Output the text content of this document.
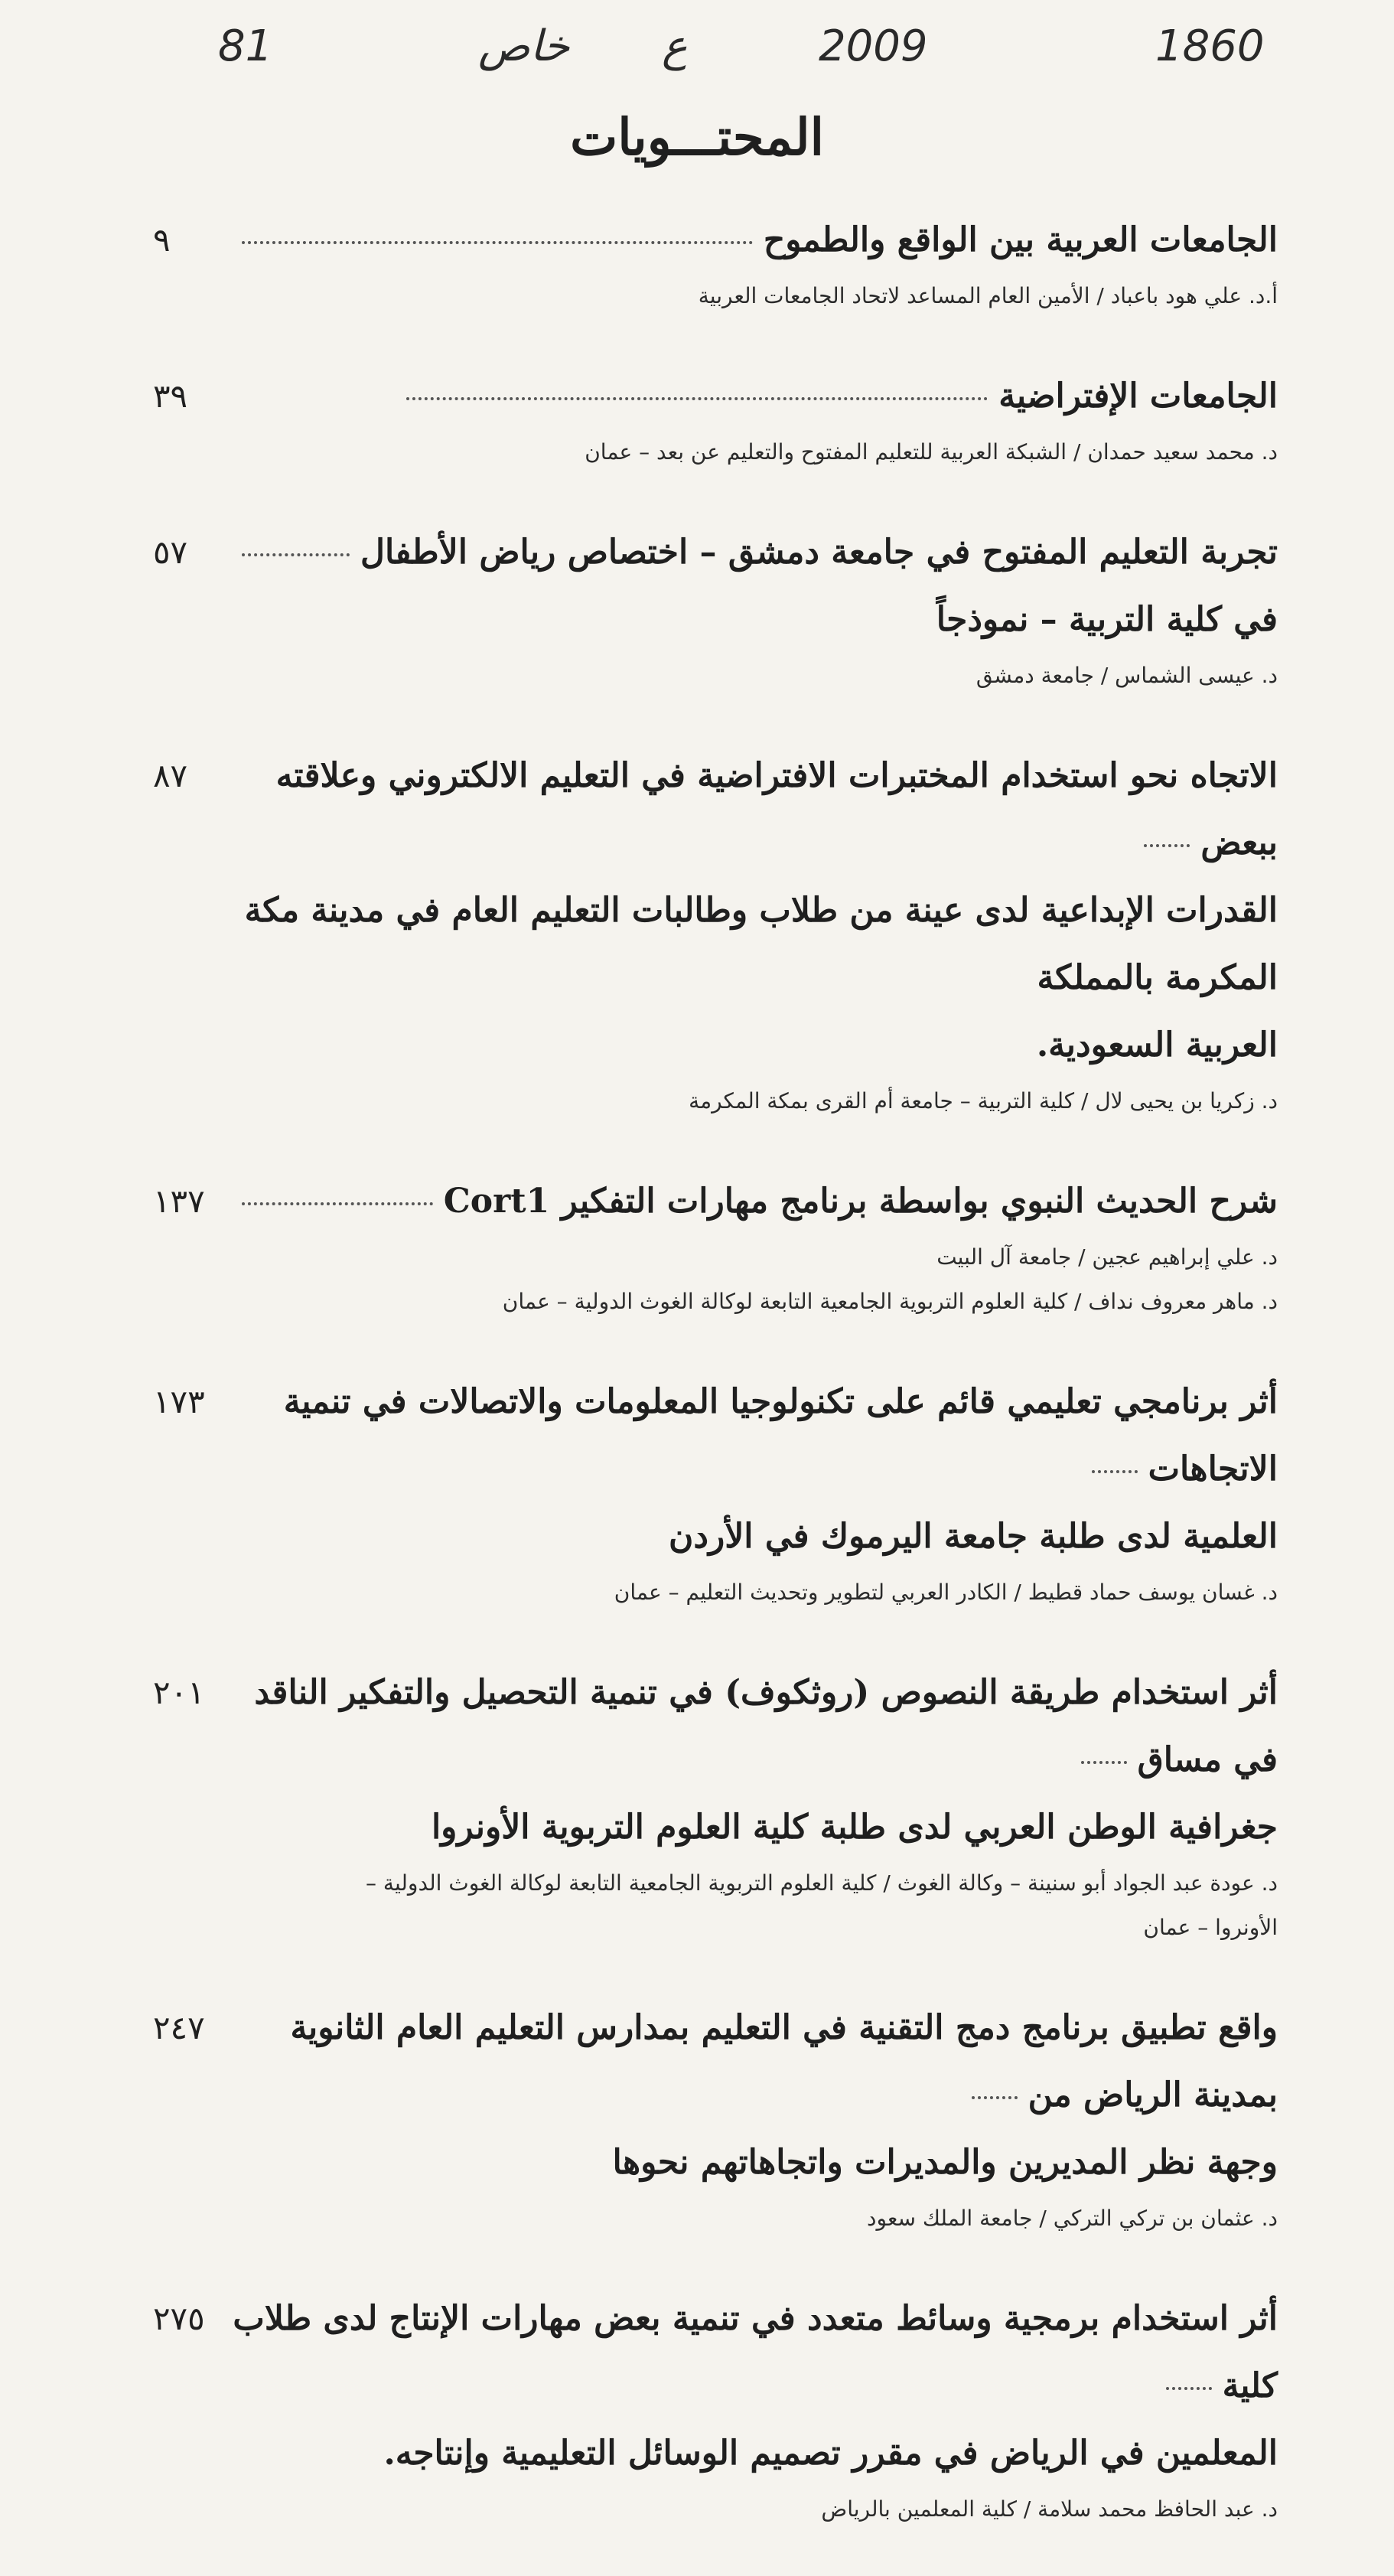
1860
2009
ع
خاص
81
المحتـــويات
الجامعات العربية بين الواقع والطموح
٩
أ.د. علي هود باعباد / الأمين العام المساعد لاتحاد الجامعات العربية
الجامعات الإفتراضية
٣٩
د. محمد سعيد حمدان / الشبكة العربية للتعليم المفتوح والتعليم عن بعد – عمان
تجربة التعليم المفتوح في جامعة دمشق – اختصاص رياض الأطفال
في كلية التربية – نموذجاً
٥٧
د. عيسى الشماس / جامعة دمشق
الاتجاه نحو استخدام المختبرات الافتراضية في التعليم الالكتروني وعلاقته ببعض
القدرات الإبداعية لدى عينة من طلاب وطالبات التعليم العام في مدينة مكة المكرمة بالمملكة
العربية السعودية.
٨٧
د. زكريا بن يحيى لال / كلية التربية – جامعة أم القرى بمكة المكرمة
شرح الحديث النبوي بواسطة برنامج مهارات التفكير Cort1
١٣٧
د. علي إبراهيم عجين / جامعة آل البيت
د. ماهر معروف نداف / كلية العلوم التربوية الجامعية التابعة لوكالة الغوث الدولية – عمان
أثر برنامجي تعليمي قائم على تكنولوجيا المعلومات والاتصالات في تنمية الاتجاهات
العلمية لدى طلبة جامعة اليرموك في الأردن
١٧٣
د. غسان يوسف حماد قطيط / الكادر العربي لتطوير وتحديث التعليم – عمان
أثر استخدام طريقة النصوص (روثكوف) في تنمية التحصيل والتفكير الناقد في مساق
جغرافية الوطن العربي لدى طلبة كلية العلوم التربوية الأونروا
٢٠١
د. عودة عبد الجواد أبو سنينة – وكالة الغوث / كلية العلوم التربوية الجامعية التابعة لوكالة الغوث الدولية –
الأونروا – عمان
واقع تطبيق برنامج دمج التقنية في التعليم بمدارس التعليم العام الثانوية بمدينة الرياض من
وجهة نظر المديرين والمديرات واتجاهاتهم نحوها
٢٤٧
د. عثمان بن تركي التركي / جامعة الملك سعود
أثر استخدام برمجية وسائط متعدد في تنمية بعض مهارات الإنتاج لدى طلاب كلية
المعلمين في الرياض في مقرر تصميم الوسائل التعليمية وإنتاجه.
٢٧٥
د. عبد الحافظ محمد سلامة / كلية المعلمين بالرياض
